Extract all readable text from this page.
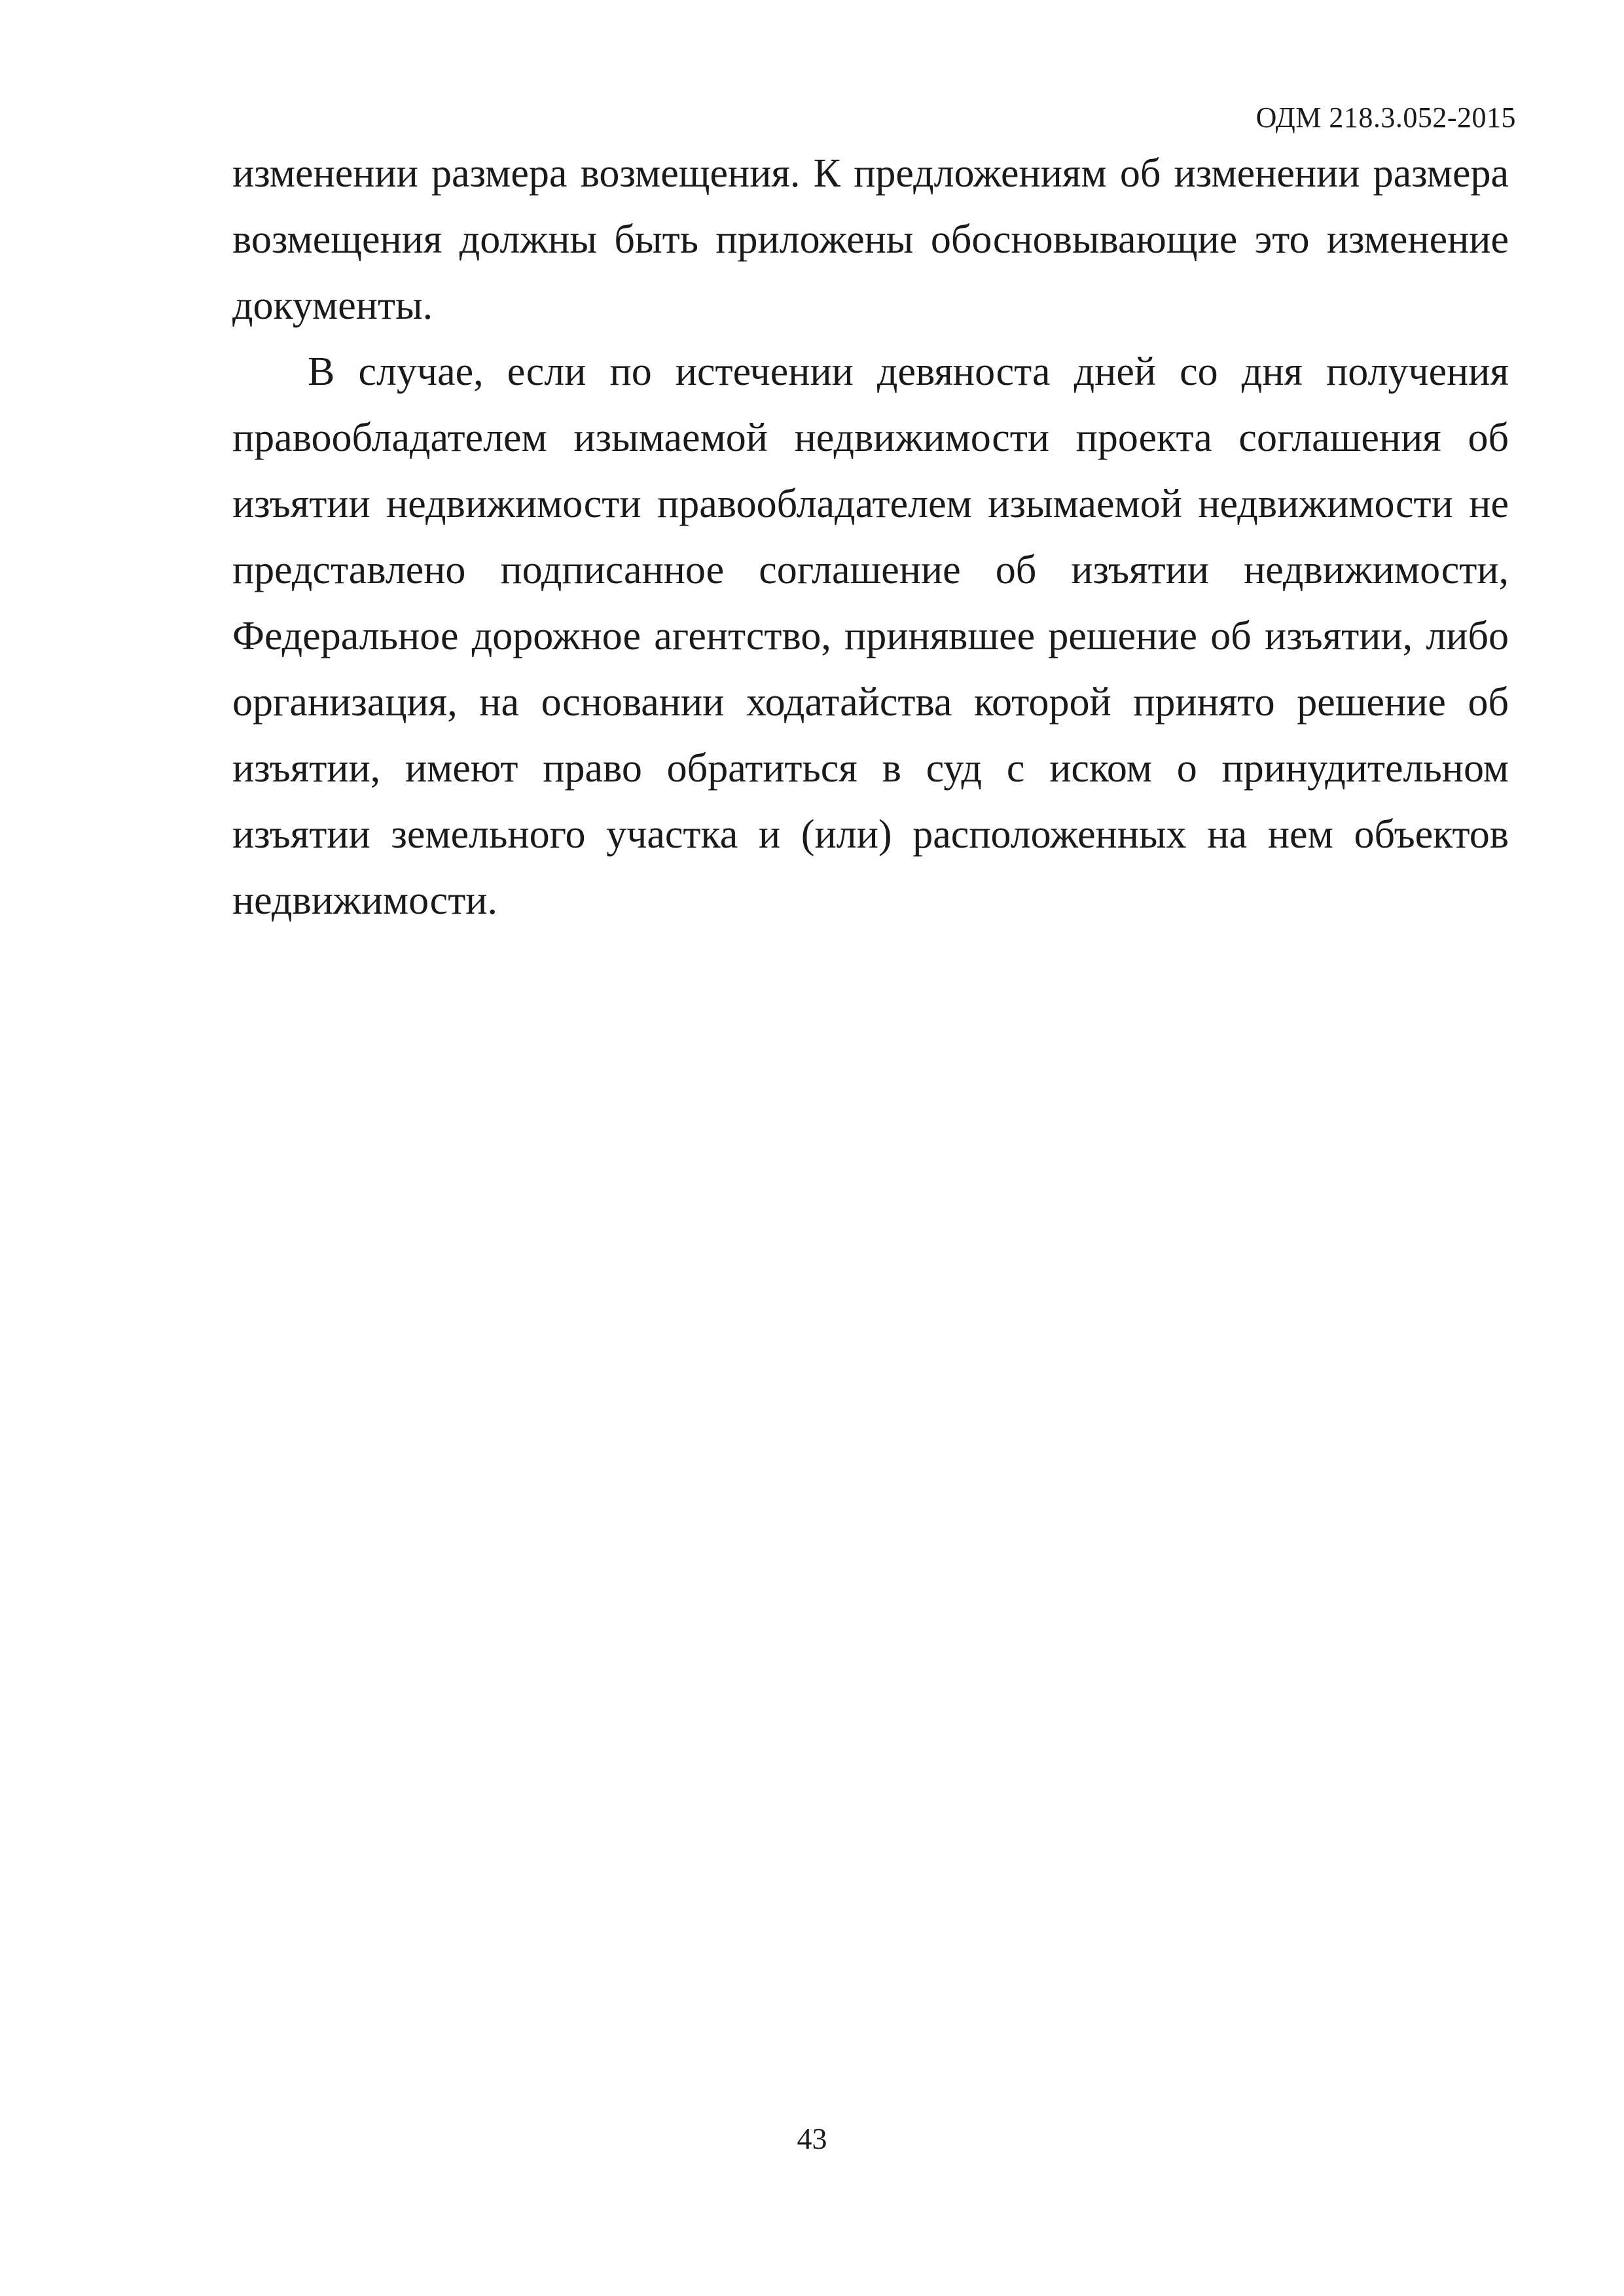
ОДМ 218.3.052-2015

изменении размера возмещения. К предложениям об изменении размера возмещения должны быть приложены обосновывающие это изменение документы.

В случае, если по истечении девяноста дней со дня получения правообладателем изымаемой недвижимости проекта соглашения об изъятии недвижимости правообладателем изымаемой недвижимости не представлено подписанное соглашение об изъятии недвижимости, Федеральное дорожное агентство, принявшее решение об изъятии, либо организация, на основании ходатайства которой принято решение об изъятии, имеют право обратиться в суд с иском о принудительном изъятии земельного участка и (или) расположенных на нем объектов недвижимости.

43
